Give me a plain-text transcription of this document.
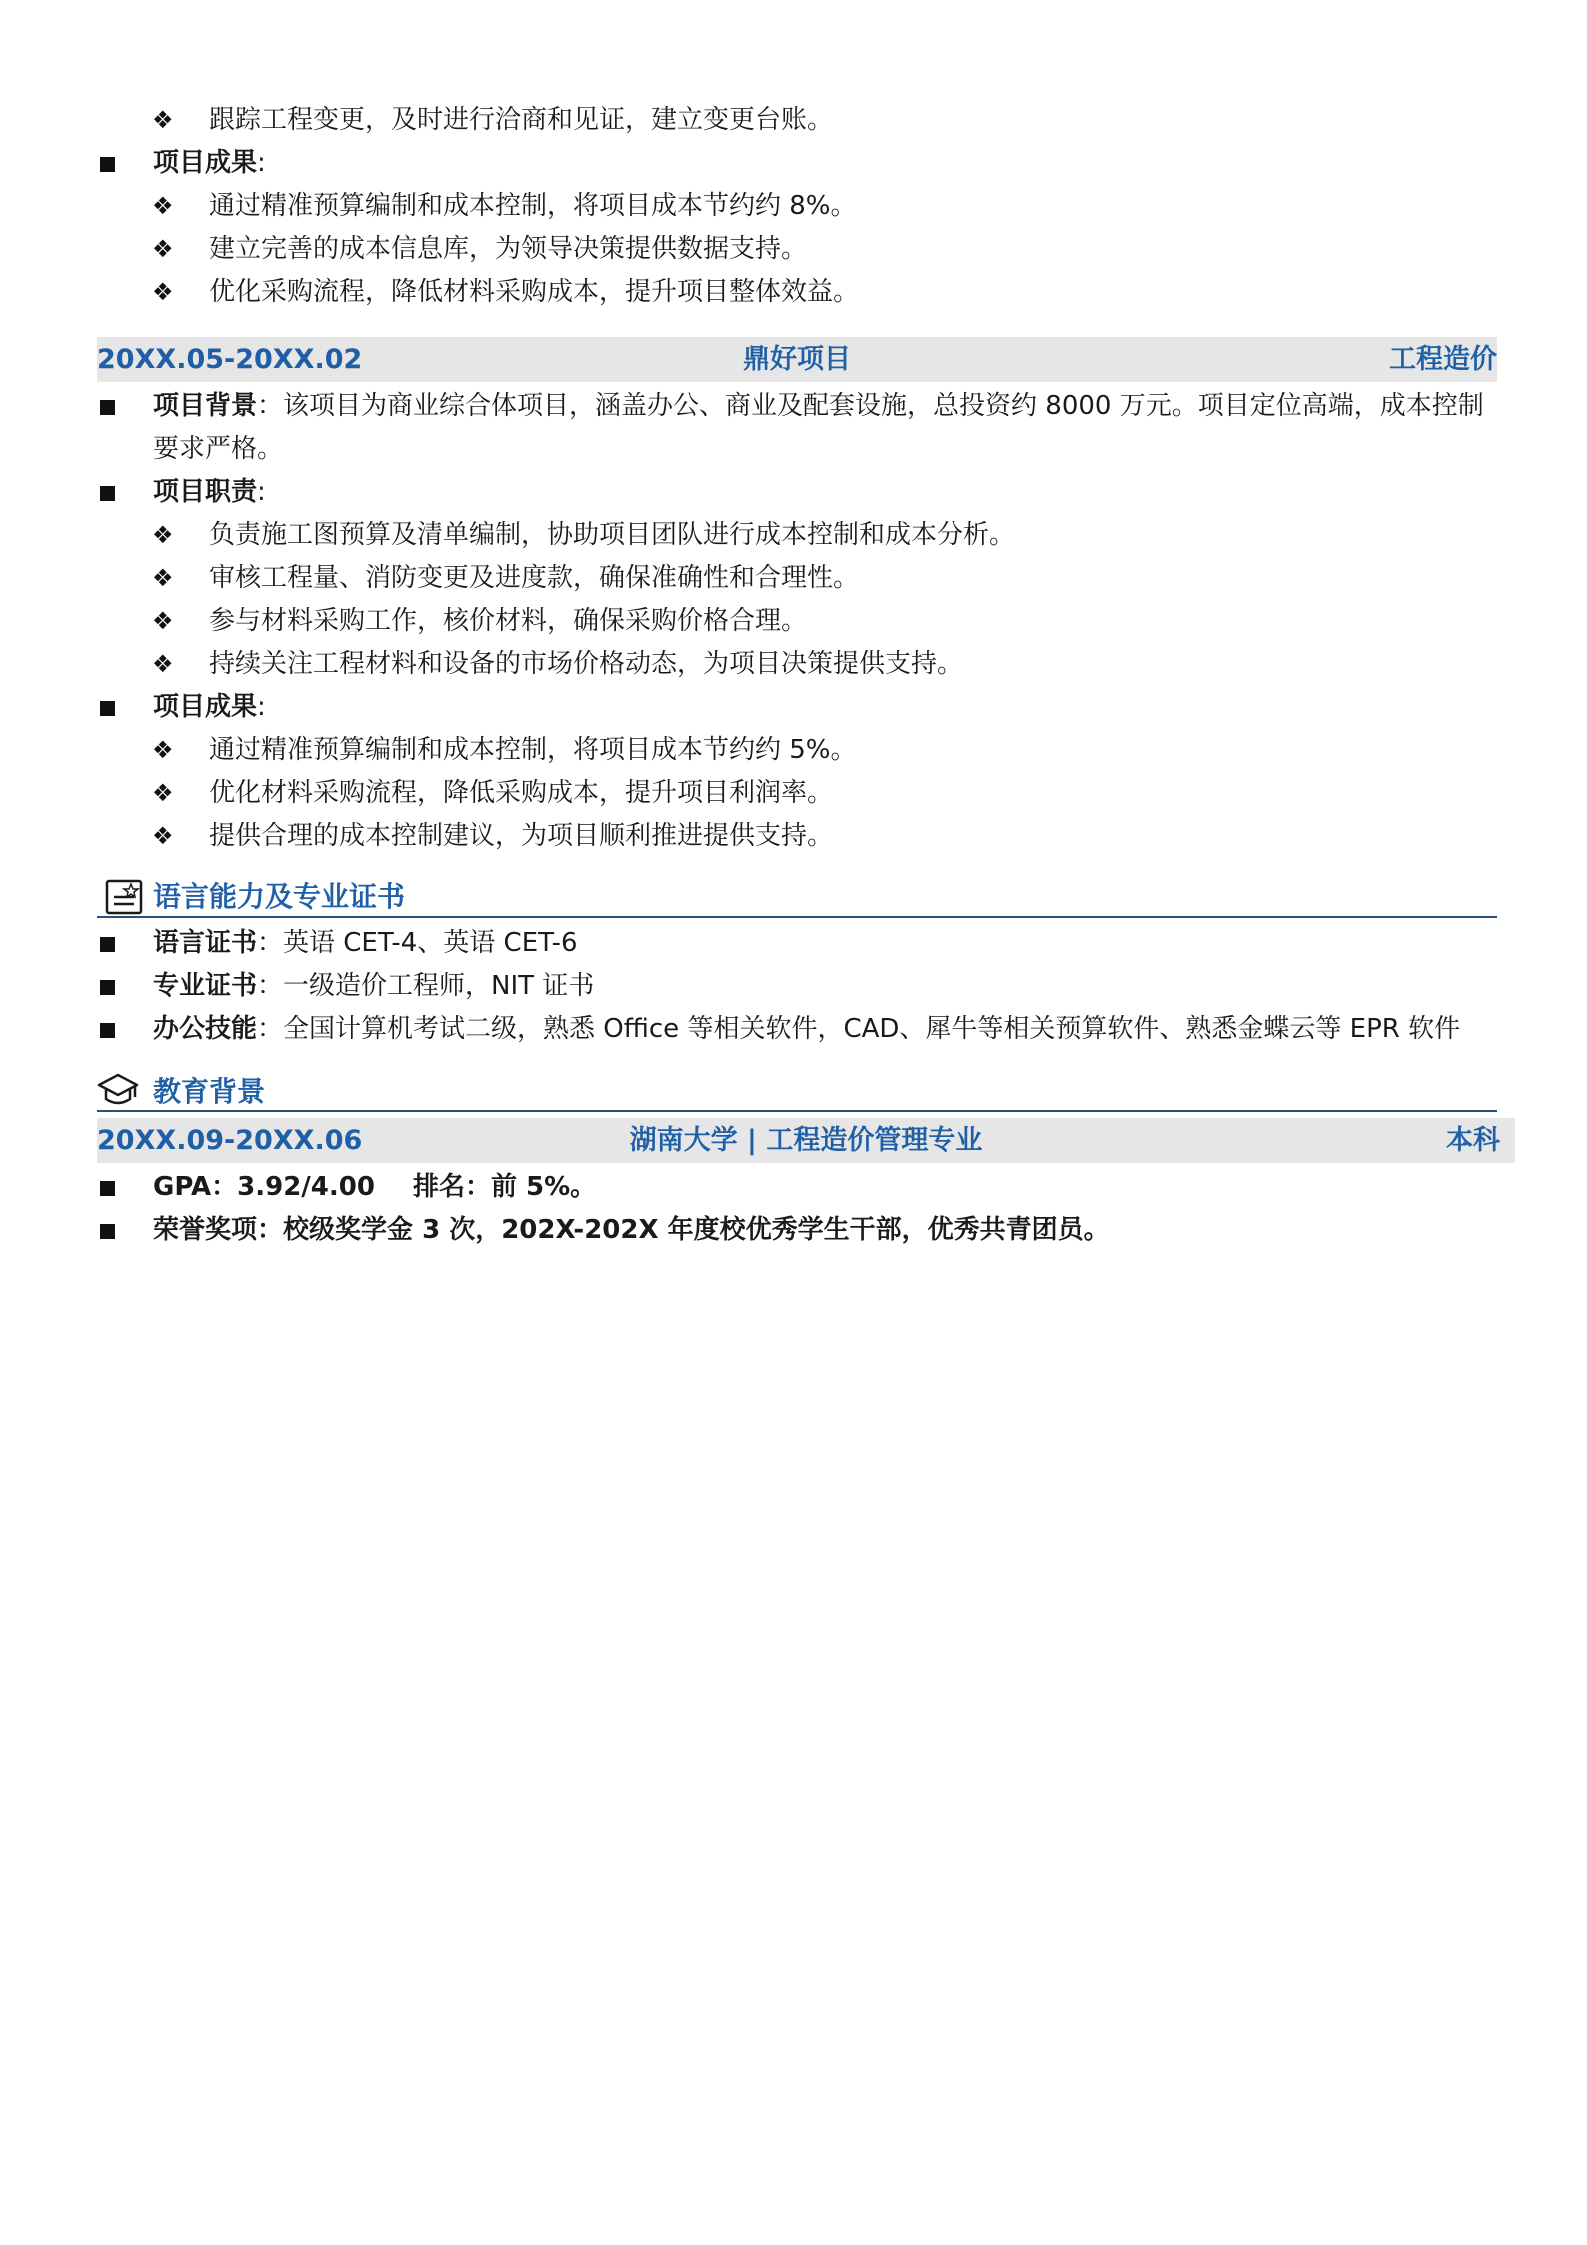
❖ 跟踪工程变更，及时进行洽商和见证，建立变更台账。
项目成果:
❖ 通过精准预算编制和成本控制，将项目成本节约约 8%。
❖ 建立完善的成本信息库，为领导决策提供数据支持。
❖ 优化采购流程，降低材料采购成本，提升项目整体效益。
20XX.05-20XX.02	鼎好项目	工程造价
项目背景：该项目为商业综合体项目，涵盖办公、商业及配套设施，总投资约 8000 万元。项目定位高端，成本控制
要求严格。
项目职责:
❖ 负责施工图预算及清单编制，协助项目团队进行成本控制和成本分析。
❖ 审核工程量、消防变更及进度款，确保准确性和合理性。
❖ 参与材料采购工作，核价材料，确保采购价格合理。
❖ 持续关注工程材料和设备的市场价格动态，为项目决策提供支持。
项目成果:
❖ 通过精准预算编制和成本控制，将项目成本节约约 5%。
❖ 优化材料采购流程，降低采购成本，提升项目利润率。
❖ 提供合理的成本控制建议，为项目顺利推进提供支持。
语言能力及专业证书
语言证书：英语 CET-4、英语 CET-6
专业证书：一级造价工程师，NIT 证书
办公技能：全国计算机考试二级，熟悉 Office 等相关软件，CAD、犀牛等相关预算软件、熟悉金蝶云等 EPR 软件
教育背景
20XX.09-20XX.06	湖南大学 | 工程造价管理专业	本科
GPA：3.92/4.00 排名：前 5%。
荣誉奖项：校级奖学金 3 次，202X-202X 年度校优秀学生干部，优秀共青团员。
